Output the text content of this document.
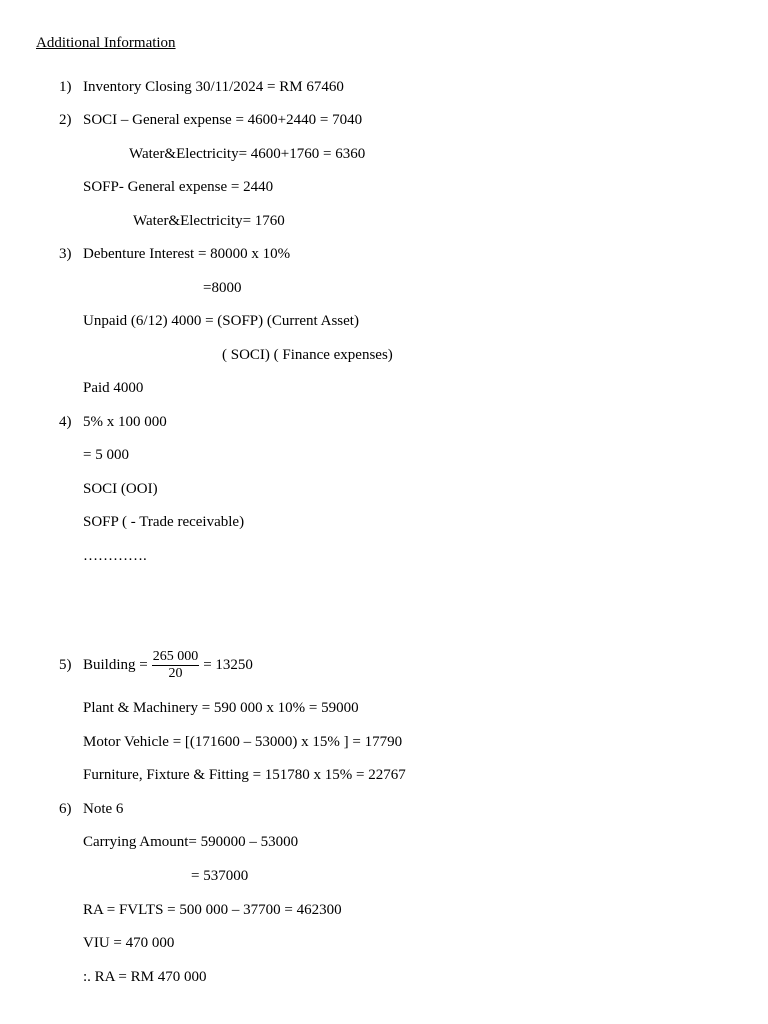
Additional Information
1) Inventory Closing 30/11/2024 = RM 67460
2) SOCI – General expense = 4600+2440 = 7040
Water&Electricity= 4600+1760 = 6360
SOFP- General expense = 2440
Water&Electricity= 1760
3) Debenture Interest = 80000 x 10%
=8000
Unpaid (6/12) 4000 = (SOFP) (Current Asset)
( SOCI) ( Finance expenses)
Paid 4000
4) 5% x 100 000
= 5 000
SOCI (OOI)
SOFP ( - Trade receivable)
………….
5) Building = $\frac{265 000}{20} = 13250$
Plant & Machinery = 590 000 x 10% = 59000
Motor Vehicle = [(171600 – 53000) x 15% ] = 17790
Furniture, Fixture & Fitting = 151780 x 15% = 22767
6) Note 6
Carrying Amount= 590000 – 53000
= 537000
RA = FVLTS = 500 000 – 37700 = 462300
VIU = 470 000
:. RA = RM 470 000
